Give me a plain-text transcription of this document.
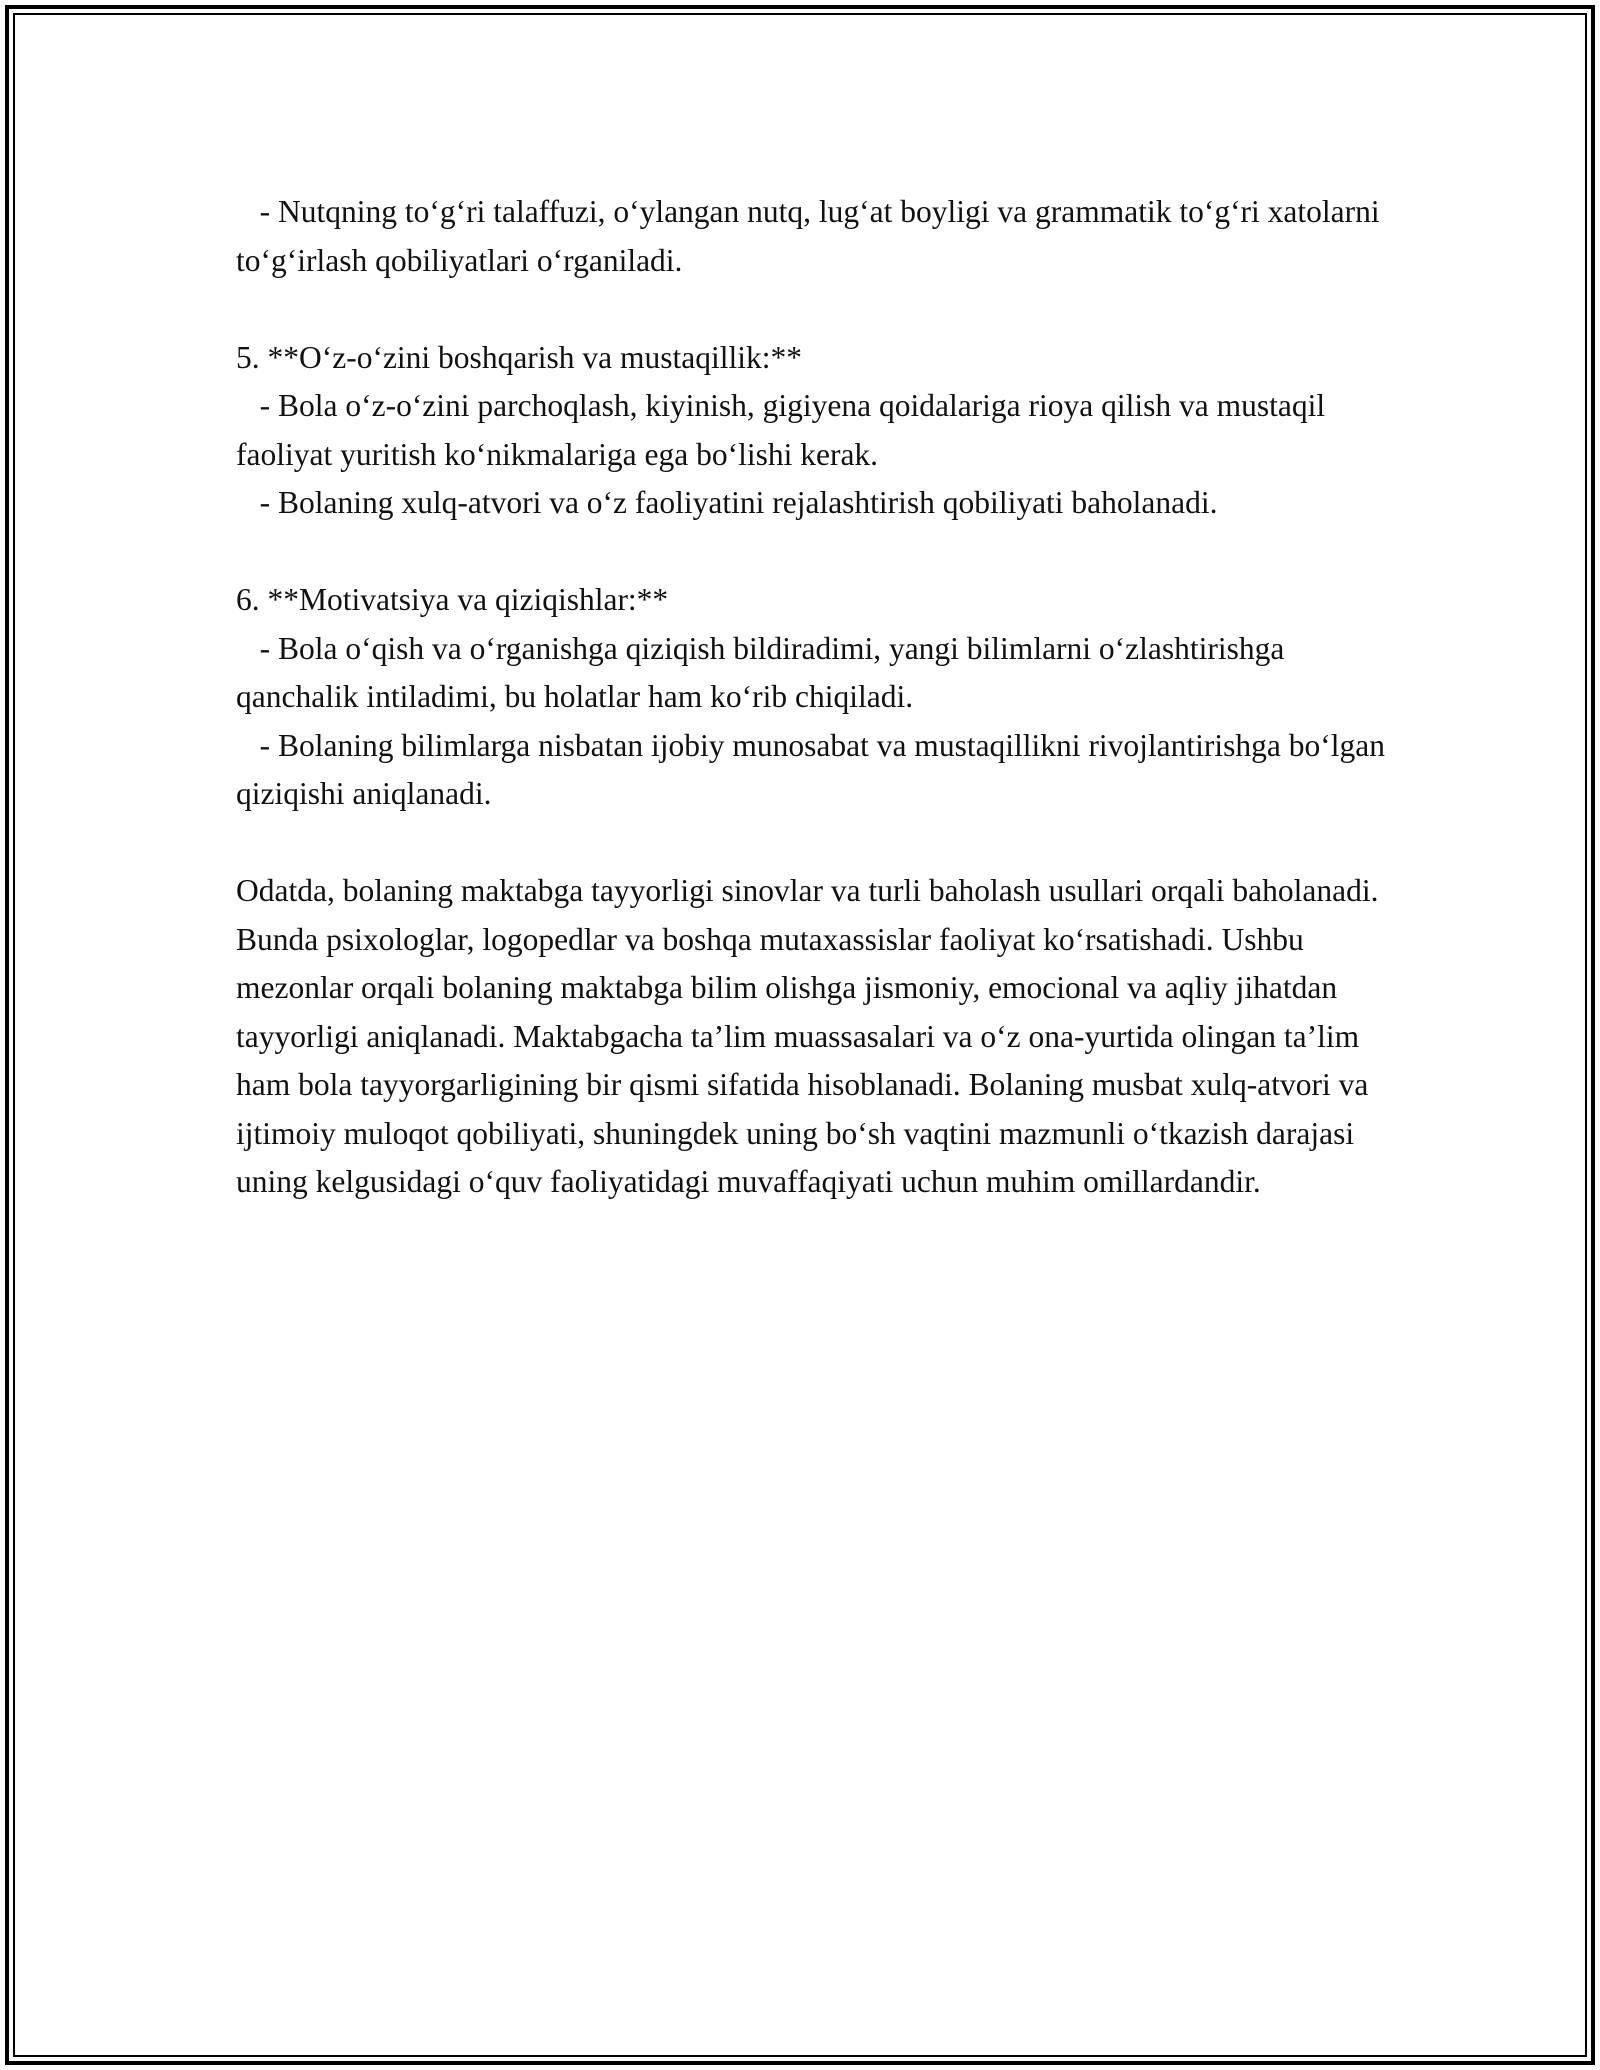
- Nutqning to‘g‘ri talaffuzi, o‘ylangan nutq, lug‘at boyligi va grammatik to‘g‘ri xatolarni to‘g‘irlash qobiliyatlari o‘rganiladi.

5. **O‘z-o‘zini boshqarish va mustaqillik:**

- Bola o‘z-o‘zini parchoqlash, kiyinish, gigiyena qoidalariga rioya qilish va mustaqil faoliyat yuritish ko‘nikmalariga ega bo‘lishi kerak.

- Bolaning xulq-atvori va o‘z faoliyatini rejalashtirish qobiliyati baholanadi.

6. **Motivatsiya va qiziqishlar:**

- Bola o‘qish va o‘rganishga qiziqish bildiradimi, yangi bilimlarni o‘zlashtirishga qanchalik intiladimi, bu holatlar ham ko‘rib chiqiladi.

- Bolaning bilimlarga nisbatan ijobiy munosabat va mustaqillikni rivojlantirishga bo‘lgan qiziqishi aniqlanadi.

Odatda, bolaning maktabga tayyorligi sinovlar va turli baholash usullari orqali baholanadi. Bunda psixologlar, logopedlar va boshqa mutaxassislar faoliyat ko‘rsatishadi. Ushbu mezonlar orqali bolaning maktabga bilim olishga jismoniy, emocional va aqliy jihatdan tayyorligi aniqlanadi. Maktabgacha ta’lim muassasalari va o‘z ona-yurtida olingan ta’lim ham bola tayyorgarligining bir qismi sifatida hisoblanadi. Bolaning musbat xulq-atvori va ijtimoiy muloqot qobiliyati, shuningdek uning bo‘sh vaqtini mazmunli o‘tkazish darajasi uning kelgusidagi o‘quv faoliyatidagi muvaffaqiyati uchun muhim omillardandir.
